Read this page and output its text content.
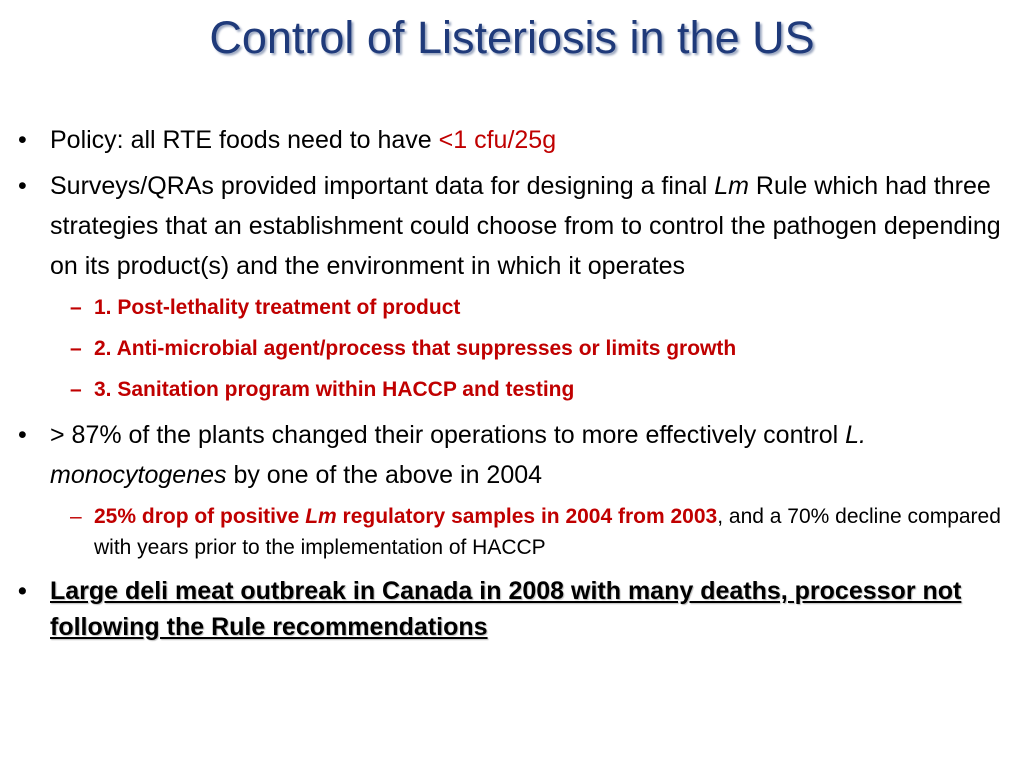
Control of Listeriosis in the US
• Policy: all RTE foods need to have <1 cfu/25g
• Surveys/QRAs provided important data for designing a final Lm Rule which had three strategies that an establishment could choose from to control the pathogen depending on its product(s) and the environment in which it operates
– 1. Post-lethality treatment of product
– 2. Anti-microbial agent/process that suppresses or limits growth
– 3. Sanitation program within HACCP and testing
• > 87% of the plants changed their operations to more effectively control L. monocytogenes by one of the above in 2004
– 25% drop of positive Lm regulatory samples in 2004 from 2003, and a 70% decline compared with years prior to the implementation of HACCP
• Large deli meat outbreak in Canada in 2008 with many deaths, processor not following the Rule recommendations
